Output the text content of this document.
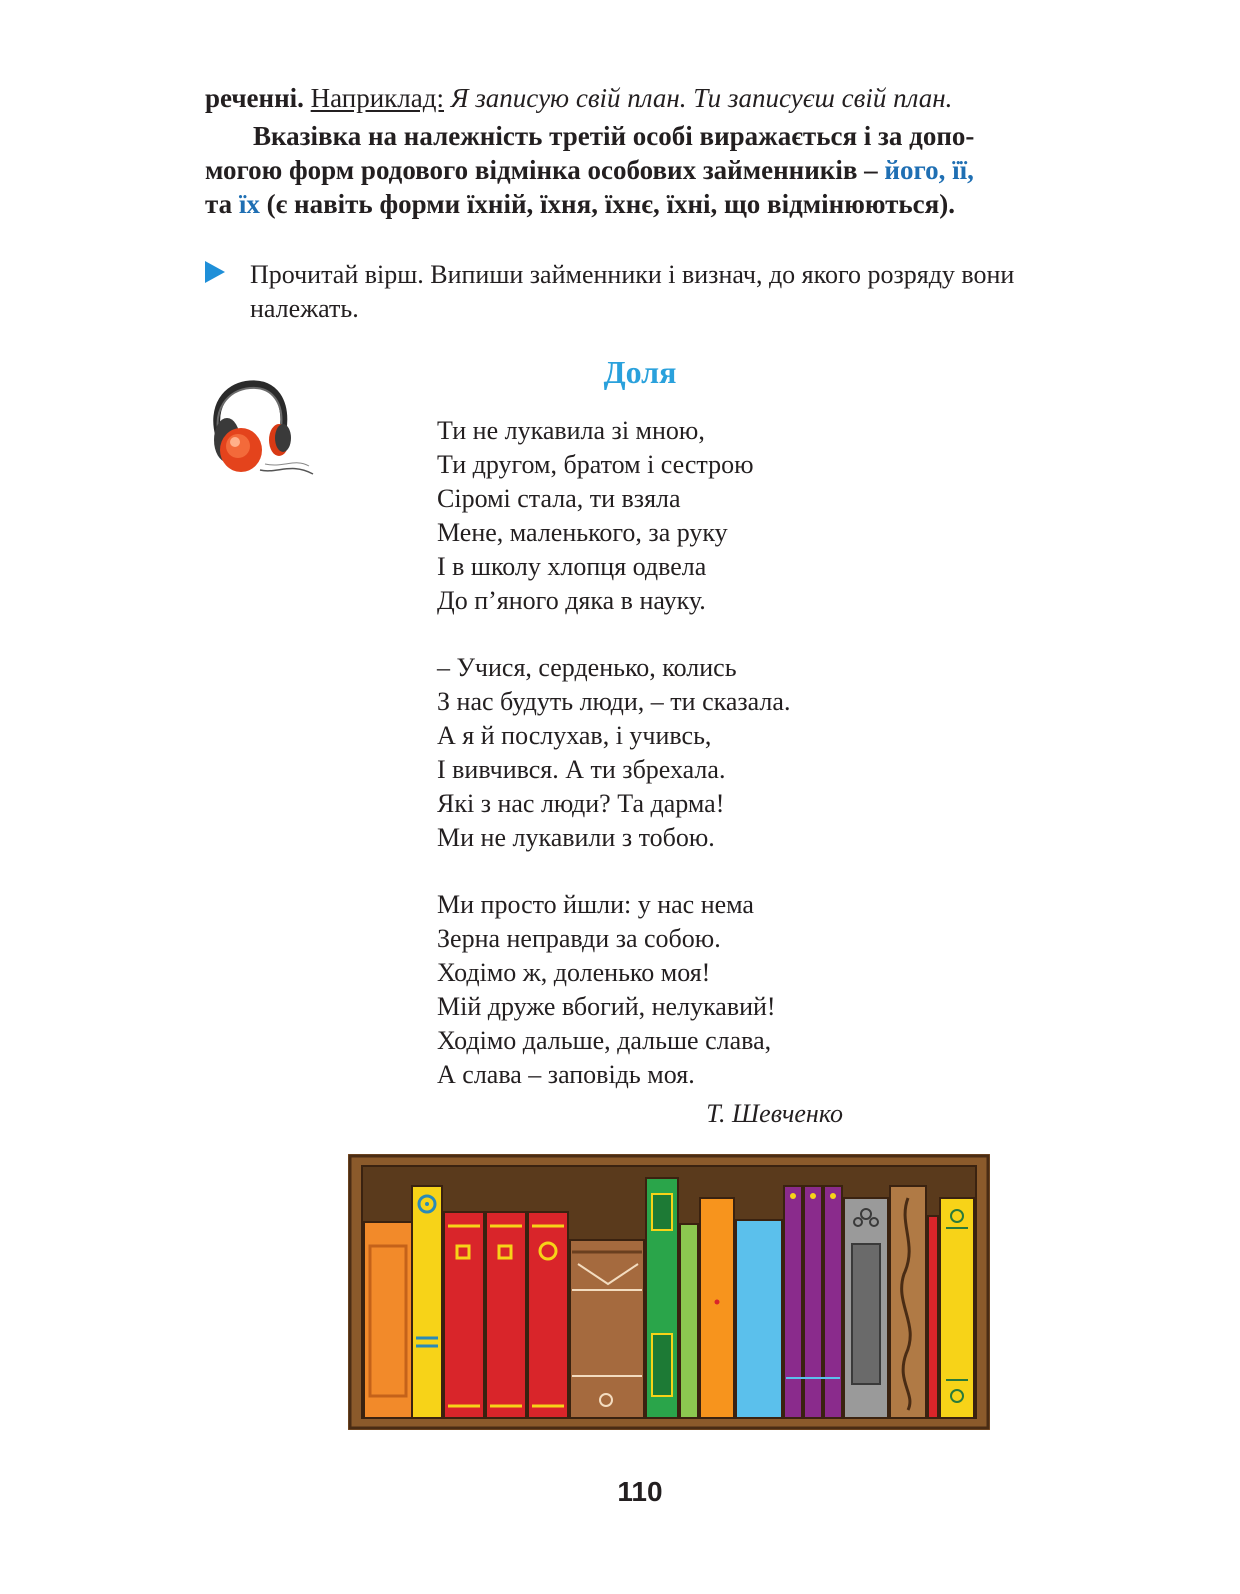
реченні. Наприклад: Я записую свій план. Ти записуєш свій план.
Вказівка на належність третій особі виражається і за допо-
могою форм родового відмінка особових займенників – його, її,
та їх (є навіть форми їхній, їхня, їхнє, їхні, що відмінюються).
Прочитай вірш. Випиши займенники і визнач, до якого розряду вони належать.
Доля
Ти не лукавила зі мною,
Ти другом, братом і сестрою
Сіромі стала, ти взяла
Мене, маленького, за руку
І в школу хлопця одвела
До п’яного дяка в науку.
– Учися, серденько, колись
З нас будуть люди, – ти сказала.
А я й послухав, і учивсь,
І вивчився. А ти збрехала.
Які з нас люди? Та дарма!
Ми не лукавили з тобою.
Ми просто йшли: у нас нема
Зерна неправди за собою.
Ходімо ж, доленько моя!
Мій друже вбогий, нелукавий!
Ходімо дальше, дальше слава,
А слава – заповідь моя.
Т. Шевченко
110
